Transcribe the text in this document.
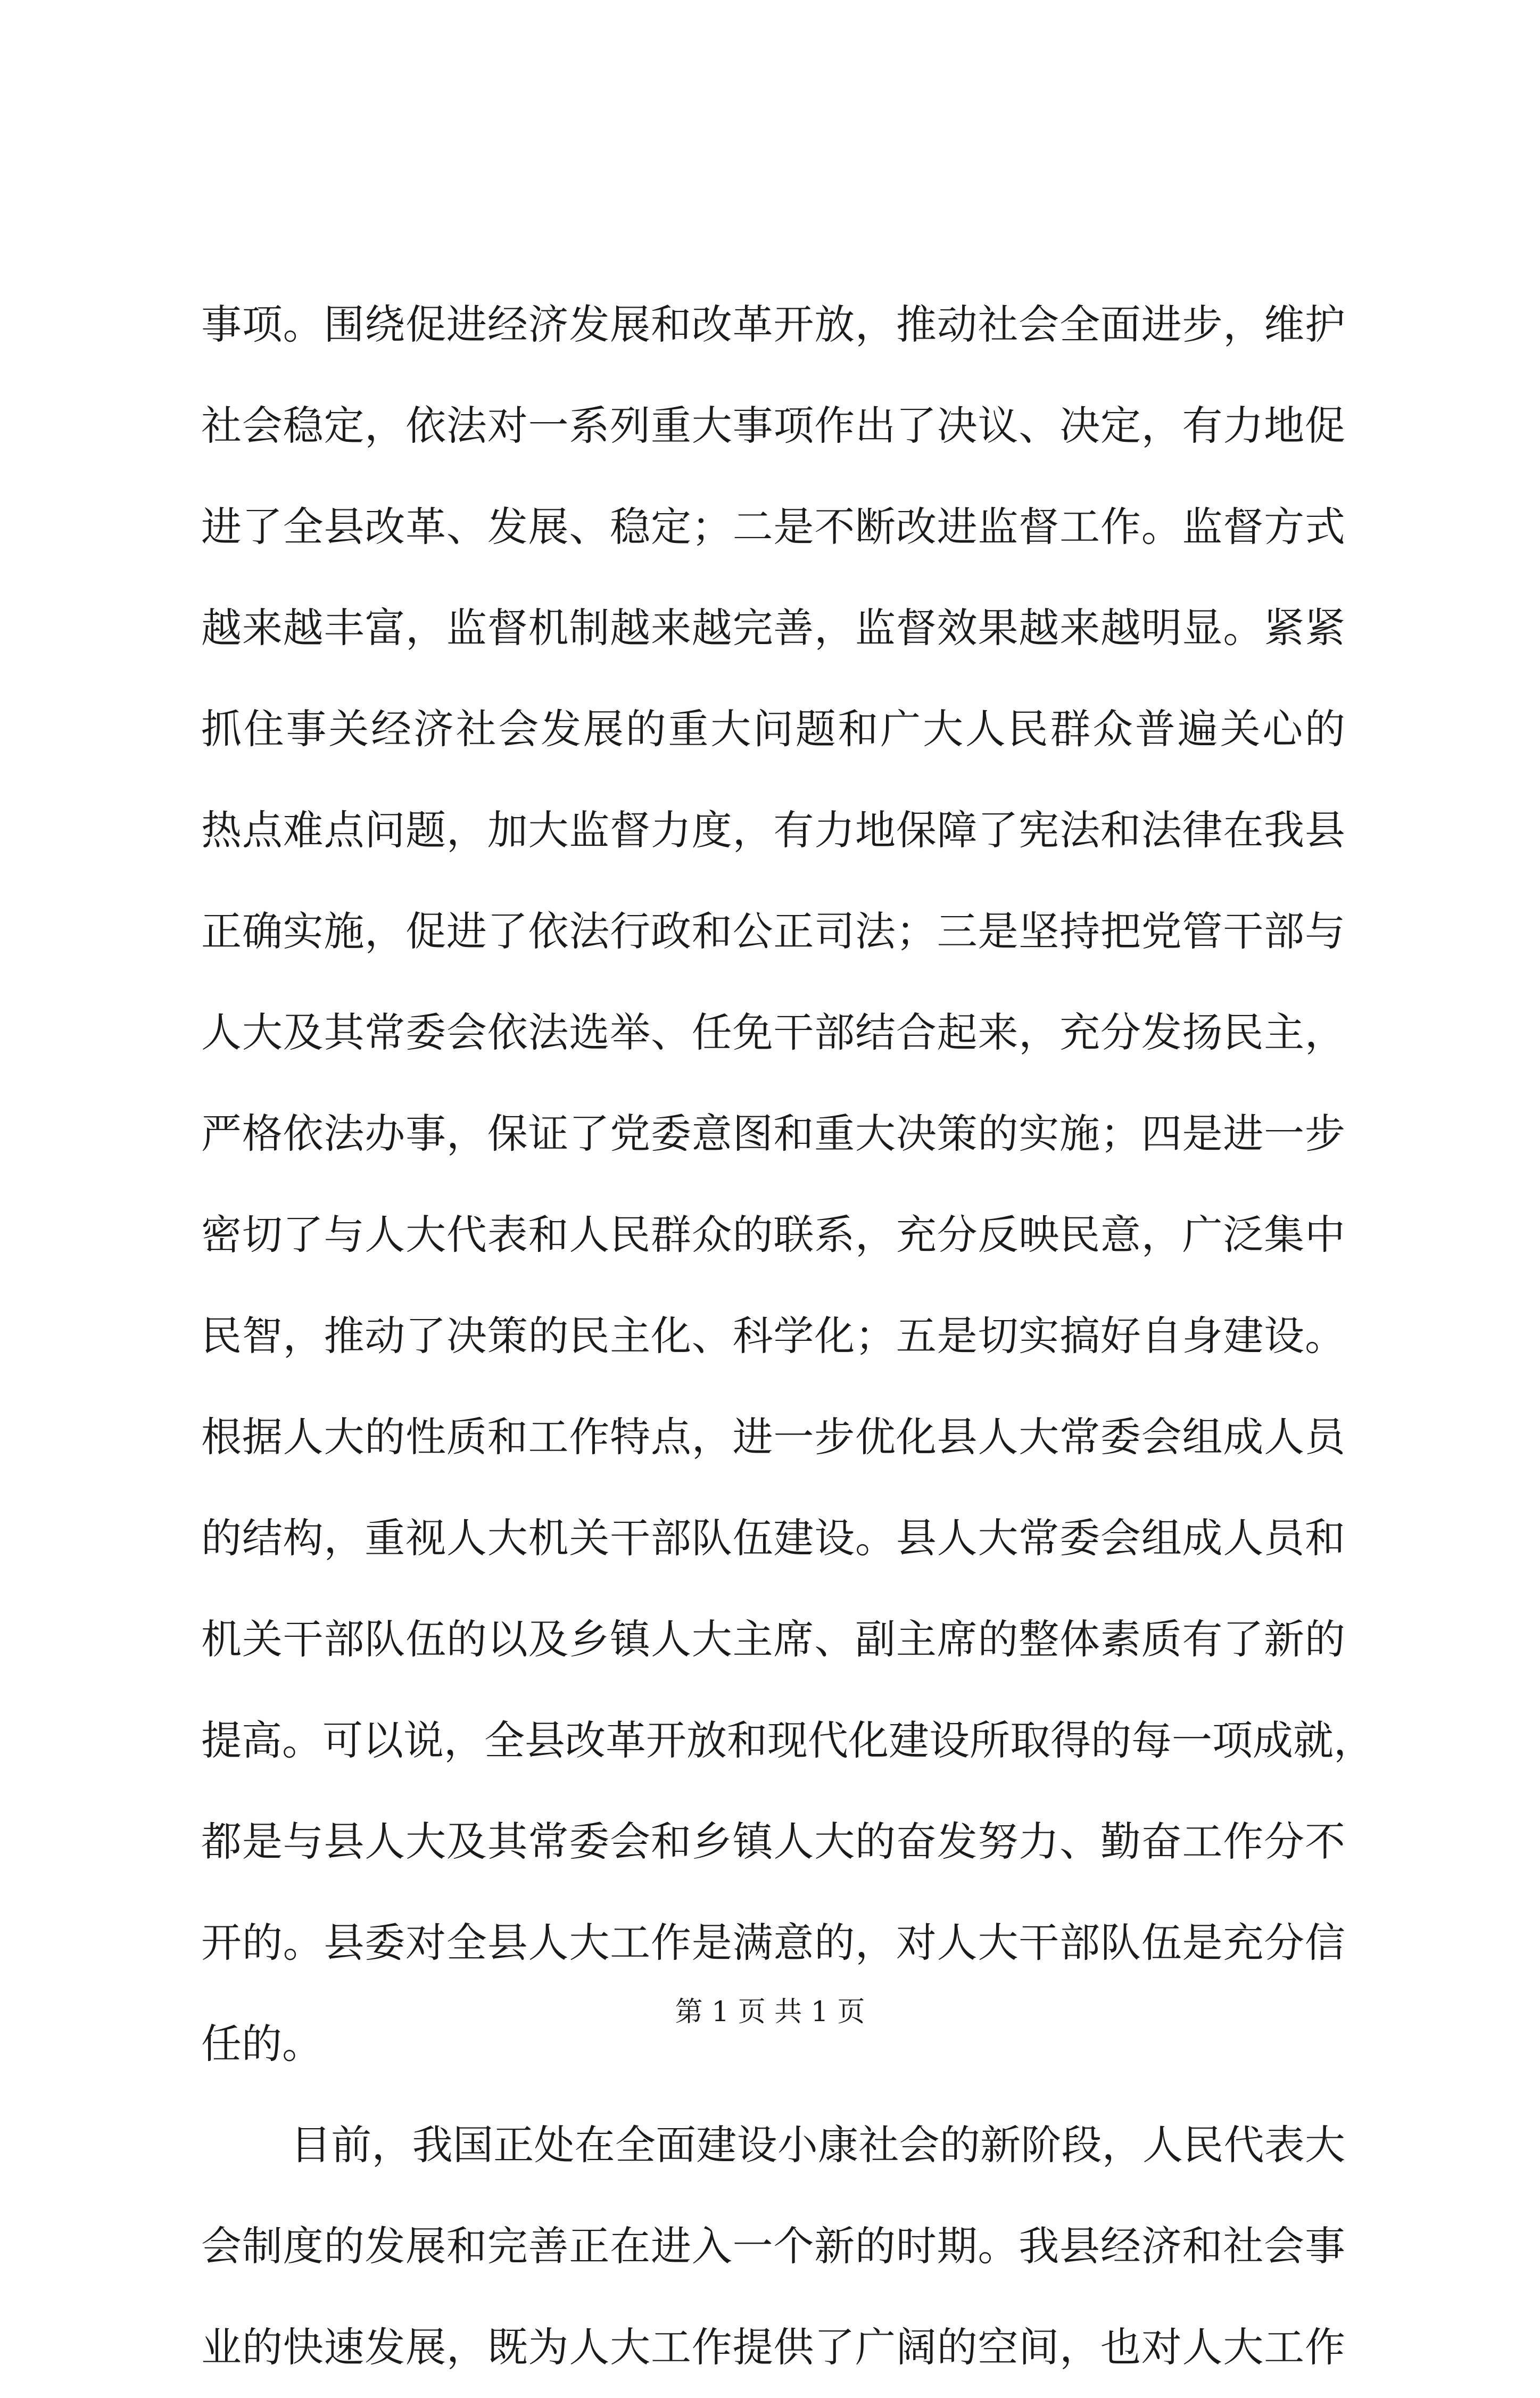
事项。围绕促进经济发展和改革开放，推动社会全面进步，维护
社会稳定，依法对一系列重大事项作出了决议、决定，有力地促
进了全县改革、发展、稳定；二是不断改进监督工作。监督方式
越来越丰富，监督机制越来越完善，监督效果越来越明显。紧紧
抓住事关经济社会发展的重大问题和广大人民群众普遍关心的
热点难点问题，加大监督力度，有力地保障了宪法和法律在我县
正确实施，促进了依法行政和公正司法；三是坚持把党管干部与
人大及其常委会依法选举、任免干部结合起来，充分发扬民主，
严格依法办事，保证了党委意图和重大决策的实施；四是进一步
密切了与人大代表和人民群众的联系，充分反映民意，广泛集中
民智，推动了决策的民主化、科学化；五是切实搞好自身建设。
根据人大的性质和工作特点，进一步优化县人大常委会组成人员
的结构，重视人大机关干部队伍建设。县人大常委会组成人员和
机关干部队伍的以及乡镇人大主席、副主席的整体素质有了新的
提高。可以说，全县改革开放和现代化建设所取得的每一项成就，
都是与县人大及其常委会和乡镇人大的奋发努力、勤奋工作分不
开的。县委对全县人大工作是满意的，对人大干部队伍是充分信
任的。
目前，我国正处在全面建设小康社会的新阶段，人民代表大
会制度的发展和完善正在进入一个新的时期。我县经济和社会事
业的快速发展，既为人大工作提供了广阔的空间，也对人大工作
第 1 页 共 1 页
